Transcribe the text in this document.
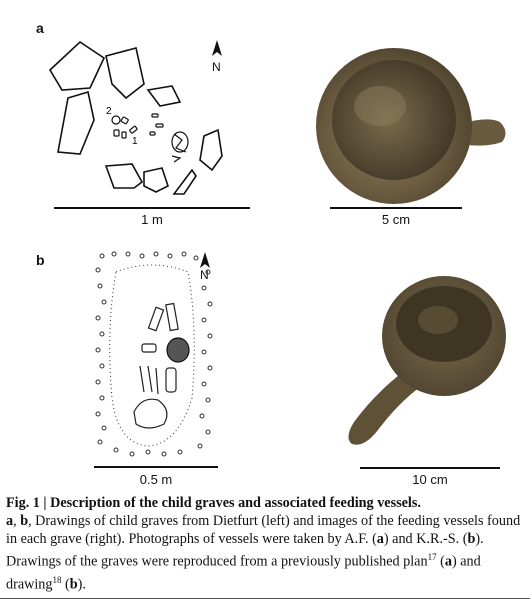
a
2
1
N
1 m	5 cm
b
N
0.5 m	10 cm
Fig. 1 | Description of the child graves and associated feeding vessels.
a, b, Drawings of child graves from Dietfurt (left) and images of the feeding vessels found in each grave (right). Photographs of vessels were taken by A.F. (a) and K.R.-S. (b). Drawings of the graves were reproduced from a previously published plan$^{17}$ (a) and drawing$^{18}$ (b).
